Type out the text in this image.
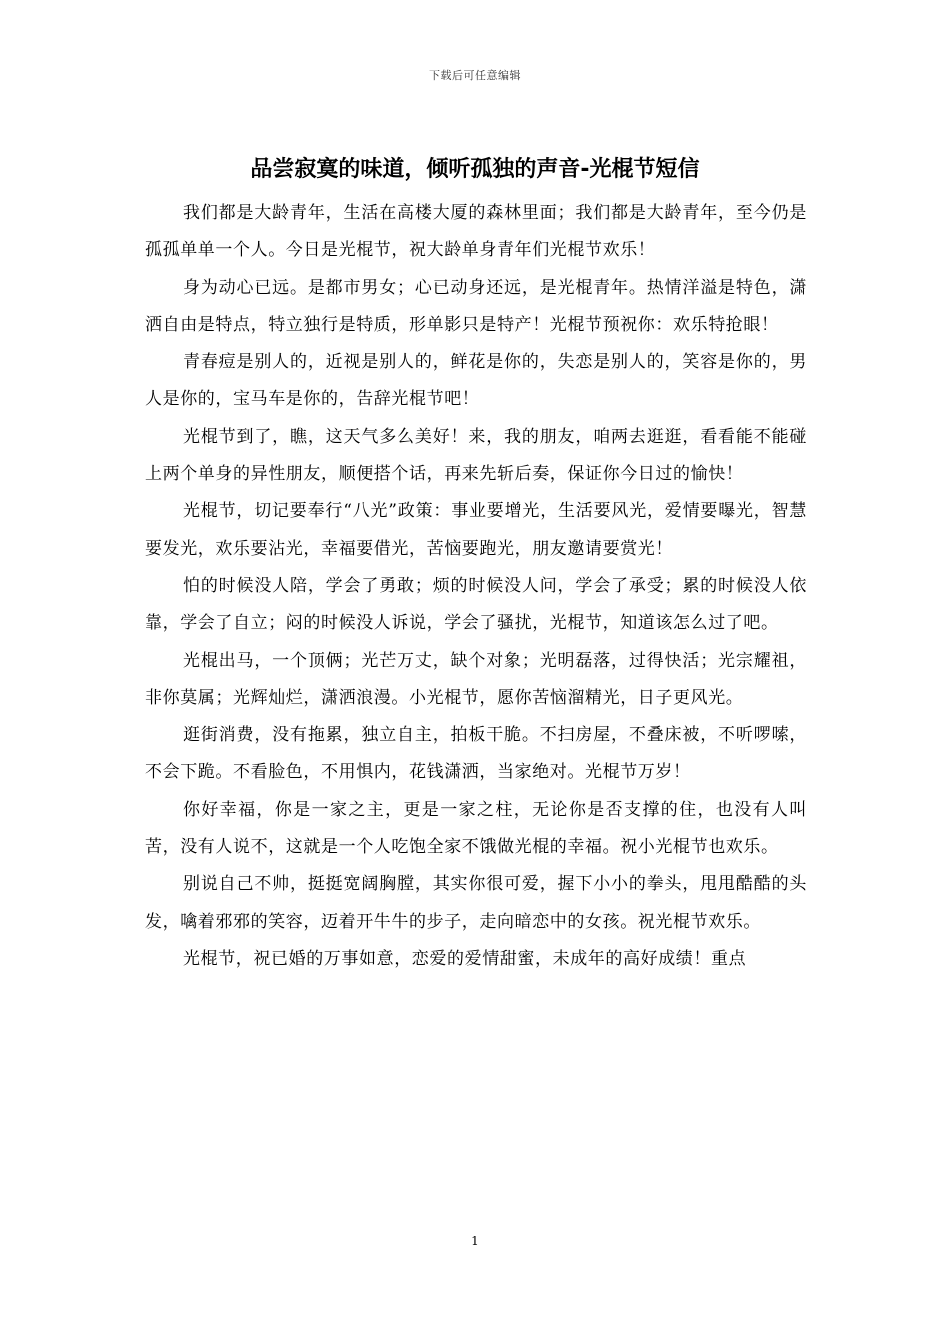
下载后可任意编辑
品尝寂寞的味道，倾听孤独的声音-光棍节短信

我们都是大龄青年，生活在高楼大厦的森林里面；我们都是大龄青年，至今仍是孤孤单单一个人。今日是光棍节，祝大龄单身青年们光棍节欢乐！

身为动心已远。是都市男女；心已动身还远，是光棍青年。热情洋溢是特色，潇洒自由是特点，特立独行是特质，形单影只是特产！光棍节预祝你：欢乐特抢眼！

青春痘是别人的，近视是别人的，鲜花是你的，失恋是别人的，笑容是你的，男人是你的，宝马车是你的，告辞光棍节吧！

光棍节到了，瞧，这天气多么美好！来，我的朋友，咱两去逛逛，看看能不能碰上两个单身的异性朋友，顺便搭个话，再来先斩后奏，保证你今日过的愉快！

光棍节，切记要奉行“八光”政策：事业要增光，生活要风光，爱情要曝光，智慧要发光，欢乐要沾光，幸福要借光，苦恼要跑光，朋友邀请要赏光！

怕的时候没人陪，学会了勇敢；烦的时候没人问，学会了承受；累的时候没人依靠，学会了自立；闷的时候没人诉说，学会了骚扰，光棍节，知道该怎么过了吧。

光棍出马，一个顶俩；光芒万丈，缺个对象；光明磊落，过得快活；光宗耀祖，非你莫属；光辉灿烂，潇洒浪漫。小光棍节，愿你苦恼溜精光，日子更风光。

逛街消费，没有拖累，独立自主，拍板干脆。不扫房屋，不叠床被，不听啰嗦，不会下跪。不看脸色，不用惧内，花钱潇洒，当家绝对。光棍节万岁！

你好幸福，你是一家之主，更是一家之柱，无论你是否支撑的住，也没有人叫苦，没有人说不，这就是一个人吃饱全家不饿做光棍的幸福。祝小光棍节也欢乐。

别说自己不帅，挺挺宽阔胸膛，其实你很可爱，握下小小的拳头，甩甩酷酷的头发，噙着邪邪的笑容，迈着开牛牛的步子，走向暗恋中的女孩。祝光棍节欢乐。

光棍节，祝已婚的万事如意，恋爱的爱情甜蜜，未成年的高好成绩！重点

1
